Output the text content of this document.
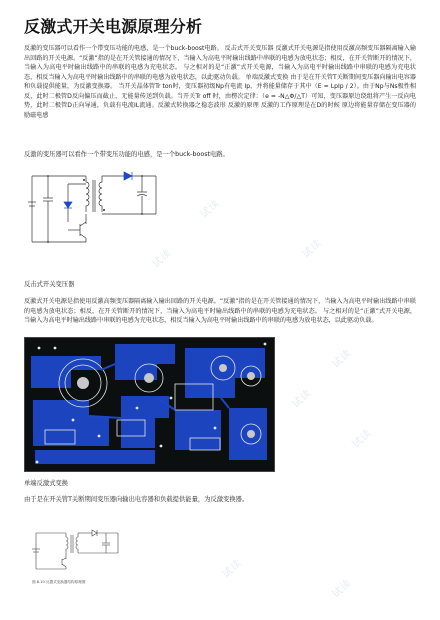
反激式开关电源原理分析
反激的变压器可以看作一个带变压功能的电感，是一个buck-boost电路。 反击式开关变压器 反激式开关电源是指使用反激高频变压器隔离输入输出回路的开关电源。“反激”指的是在开关管接通的情况下，当输入为高电平时输出线路中串联的电感为放电状态；相反，在开关管断开的情况下，当输入为高电平时输出线路中的串联的电感为充电状态。 与之相对的是“正激”式开关电源，当输入为高电平时输出线路中串联的电感为充电状态，相反当输入为高电平时输出线路中的串联的电感为放电状态，以此驱动负载。 单端反激式变换 由于是在开关管T关断期间变压器向输出电容器和负载提供能量，为反激变换器。 当开关晶体管Tr ton时，变压器初级Np有电流 Ip，并将能量储存于其中（E = LpIp / 2）。由于Np与Ns极性相反，此时二极管D反向偏压而截止，无能量传送到负载。当开关Tr off 时，由楞次定律：（e = -N△Φ/△T）可知，变压器原边绕组将产生一反向电势，此时二极管D正向导通，负载有电流IL流通。反激式转换器之稳态波形 反激的原理 反激的工作原理是在D的时候 原边将能量存储在变压器的励磁电感
反激的变压器可以看作一个带变压功能的电感，是一个buck-boost电路。
反击式开关变压器
反激式开关电源是指使用反激高频变压器隔离输入输出回路的开关电源。“反激”指的是在开关管接通的情况下，当输入为高电平时输出线路中串联的电感为放电状态；相反，在开关管断开的情况下，当输入为高电平时输出线路中的串联的电感为充电状态。 与之相对的是“正激”式开关电源，当输入为高电平时输出线路中串联的电感为充电状态，相反当输入为高电平时输出线路中的串联的电感为放电状态，以此驱动负载。
单端反激式变换
由于是在开关管T关断期间变压器向输出电容器和负载提供能量，为反激变换器。
图 8.10 反激式变换器结构原理图
试读
试读
试读
试读
试读
试读
试读
试读
